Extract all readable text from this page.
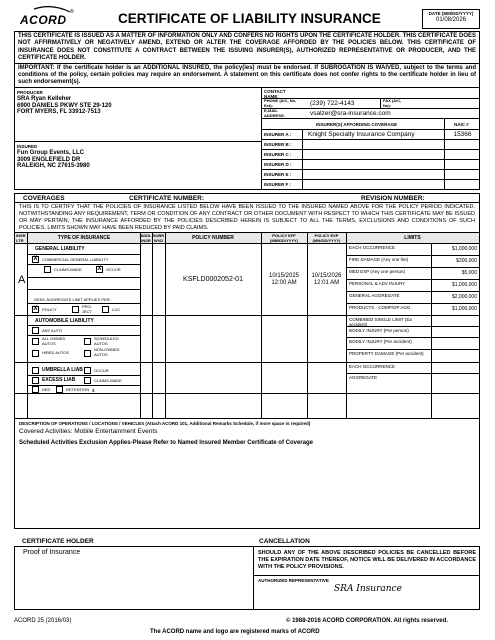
ACORD
®	CERTIFICATE OF LIABILITY INSURANCE	DATE (MM/DD/YYYY)
01/08/2026
THIS CERTIFICATE IS ISSUED AS A MATTER OF INFORMATION ONLY AND CONFERS NO RIGHTS UPON THE CERTIFICATE HOLDER. THIS CERTIFICATE DOES NOT AFFIRMATIVELY OR NEGATIVELY AMEND, EXTEND OR ALTER THE COVERAGE AFFORDED BY THE POLICIES BELOW. THIS CERTIFICATE OF INSURANCE DOES NOT CONSTITUTE A CONTRACT BETWEEN THE ISSUING INSURER(S), AUTHORIZED REPRESENTATIVE OR PRODUCER, AND THE CERTIFICATE HOLDER.
IMPORTANT: If the certificate holder is an ADDITIONAL INSURED, the policy(ies) must be endorsed. If SUBROGATION IS WAIVED, subject to the terms and conditions of the policy, certain policies may require an endorsement. A statement on this certificate does not confer rights to the certificate holder in lieu of such endorsement(s).
PRODUCER
SRA Ryan Kelleher
6900 DANIELS PKWY STE 29-120
FORT MYERS, FL 33912-7513
INSURED
Fun Group Events, LLC
3009 ENGLEFIELD DR
RALEIGH, NC 27615-3980
CONTACT NAME:
PHONE (A/C, No, Ext):	(239) 722-4143	FAX (A/C, No):
E-MAIL ADDRESS:	vsalzer@sra-insurance.com
INSURER(S) AFFORDING COVERAGE	NAIC #
INSURER A :	Knight Specialty Insurance Company	15366
INSURER B :
INSURER C :
INSURER D :
INSURER E :
INSURER F :
COVERAGES	CERTIFICATE NUMBER:	REVISION NUMBER:
THIS IS TO CERTIFY THAT THE POLICIES OF INSURANCE LISTED BELOW HAVE BEEN ISSUED TO THE INSURED NAMED ABOVE FOR THE POLICY PERIOD INDICATED. NOTWITHSTANDING ANY REQUIREMENT, TERM OR CONDITION OF ANY CONTRACT OR OTHER DOCUMENT WITH RESPECT TO WHICH THIS CERTIFICATE MAY BE ISSUED OR MAY PERTAIN, THE INSURANCE AFFORDED BY THE POLICIES DESCRIBED HEREIN IS SUBJECT TO ALL THE TERMS, EXCLUSIONS AND CONDITIONS OF SUCH POLICIES. LIMITS SHOWN MAY HAVE BEEN REDUCED BY PAID CLAIMS.
INSR LTR	TYPE OF INSURANCE	ADDL INSR
SUBR WVD	POLICY NUMBER	POLICY EFF (MM/DD/YYYY)
POLICY EXP (MM/DD/YYYY)	LIMITS
A
GENERAL LIABILITY
X	COMMERCIAL GENERAL LIABILITY
CLAIMS-MADE	X	OCCUR
GEN'L AGGREGATE LIMIT APPLIES PER:
X	POLICY
PRO-JECT	LOC
KSFLD0002052-01	10/15/2025
12:00 AM
10/15/2026
12:01 AM
EACH OCCURRENCE	$1,000,000
FIRE DAMAGE (Any one fire)	$300,000
MED EXP (Any one person)	$5,000
PERSONAL & ADV INJURY	$1,000,000
GENERAL AGGREGATE	$2,000,000
PRODUCTS - COMP/OP AGG	$1,000,000
AUTOMOBILE LIABILITY
ANY AUTO
ALL OWNED AUTOS
SCHEDULED AUTOS
HIRED AUTOS
NON-OWNED AUTOS
COMBINED SINGLE LIMIT (Ea accident)
BODILY INJURY (Per person)
BODILY INJURY (Per accident)
PROPERTY DAMAGE (Per accident)
UMBRELLA LIAB	OCCUR
EXCESS LIAB	CLAIMS-MADE
DED	RETENTION $
EACH OCCURRENCE
AGGREGATE
DESCRIPTION OF OPERATIONS / LOCATIONS / VEHICLES (Attach ACORD 101, Additional Remarks Schedule, if more space is required)
Covered Activities: Mobile Entertainment Events
Scheduled Activities Exclusion Applies-Please Refer to Named Insured Member Certificate of Coverage
CERTIFICATE HOLDER	CANCELLATION
Proof of Insurance	SHOULD ANY OF THE ABOVE DESCRIBED POLICIES BE CANCELLED BEFORE THE EXPIRATION DATE THEREOF, NOTICE WILL BE DELIVERED IN ACCORDANCE WITH THE POLICY PROVISIONS.
AUTHORIZED REPRESENTATIVE
SRA Insurance
ACORD 25 (2016/03)	© 1988-2016 ACORD CORPORATION. All rights reserved.
The ACORD name and logo are registered marks of ACORD
